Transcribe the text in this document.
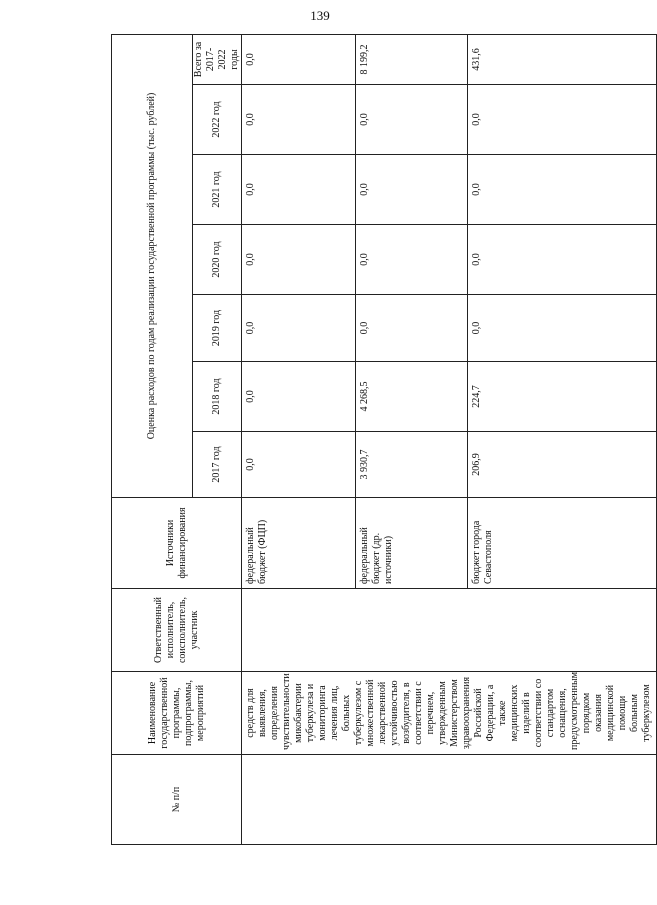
139
№ п/п	Наименование государственной программы, подпрограммы, мероприятий	Ответственный исполнитель, соисполнитель, участник	Источники финансирования	Оценка расходов по годам реализации государственной программы (тыс. рублей)						
				2017 год	2018 год	2019 год	2020 год	2021 год	2022 год	Всего за 2017-2022 годы
	средств для выявления, определения чувствительности микобактерии туберкулеза и мониторинга лечения лиц, больных туберкулезом с множественной лекарственной устойчивостью возбудителя, в соответствии с перечнем, утвержденным Министерством здравоохранения Российской Федерации, а также медицинских изделий в соответствии со стандартом оснащения, предусмотренным порядком оказания медицинской помощи больным туберкулезом		федеральный бюджет (ФЦП)	0,0	0,0	0,0	0,0	0,0	0,0	0,0
			федеральный бюджет (др. источники)	3 930,7	4 268,5	0,0	0,0	0,0	0,0	8 199,2
			бюджет города Севастополя	206,9	224,7	0,0	0,0	0,0	0,0	431,6
